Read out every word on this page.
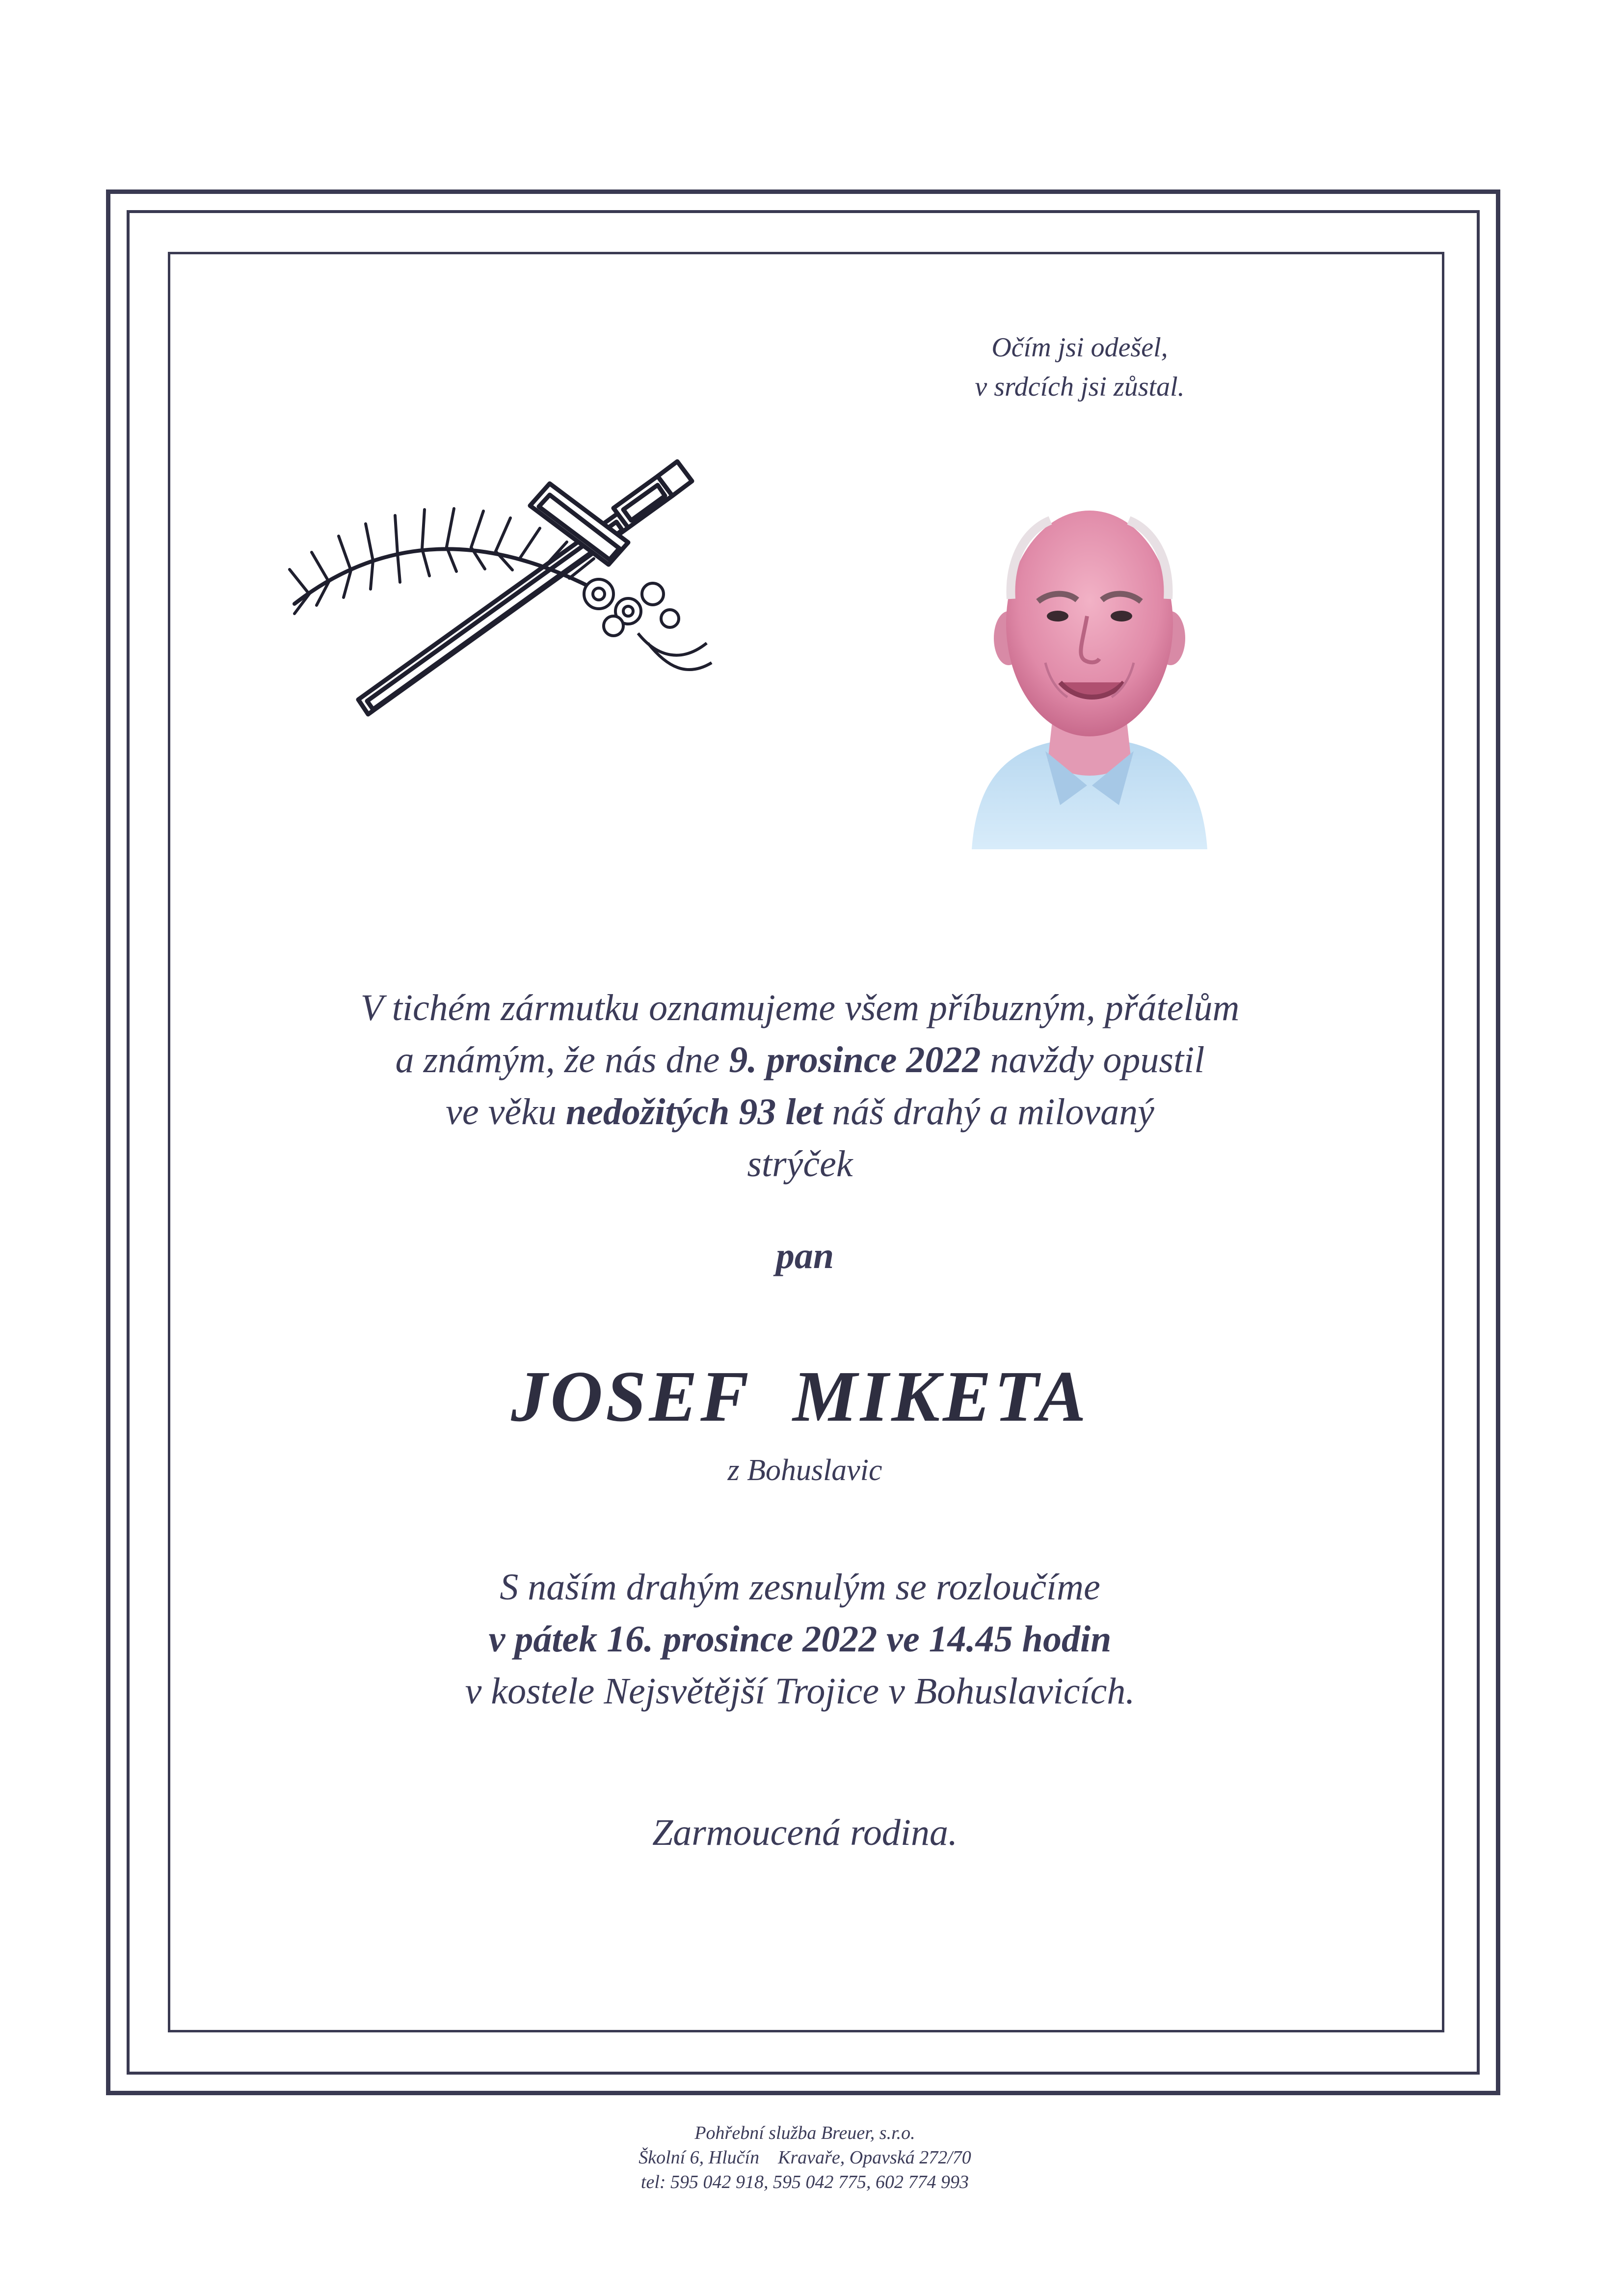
Očím jsi odešel,
v srdcích jsi zůstal.
V tichém zármutku oznamujeme všem příbuzným, přátelům
a známým, že nás dne 9. prosince 2022 navždy opustil
ve věku nedožitých 93 let náš drahý a milovaný
strýček
pan
JOSEF  MIKETA
z Bohuslavic
S naším drahým zesnulým se rozloučíme
v pátek 16. prosince 2022 ve 14.45 hodin
v kostele Nejsvětější Trojice v Bohuslavicích.
Zarmoucená rodina.
Pohřební služba Breuer, s.r.o.
Školní 6, Hlučín    Kravaře, Opavská 272/70
tel: 595 042 918, 595 042 775, 602 774 993
